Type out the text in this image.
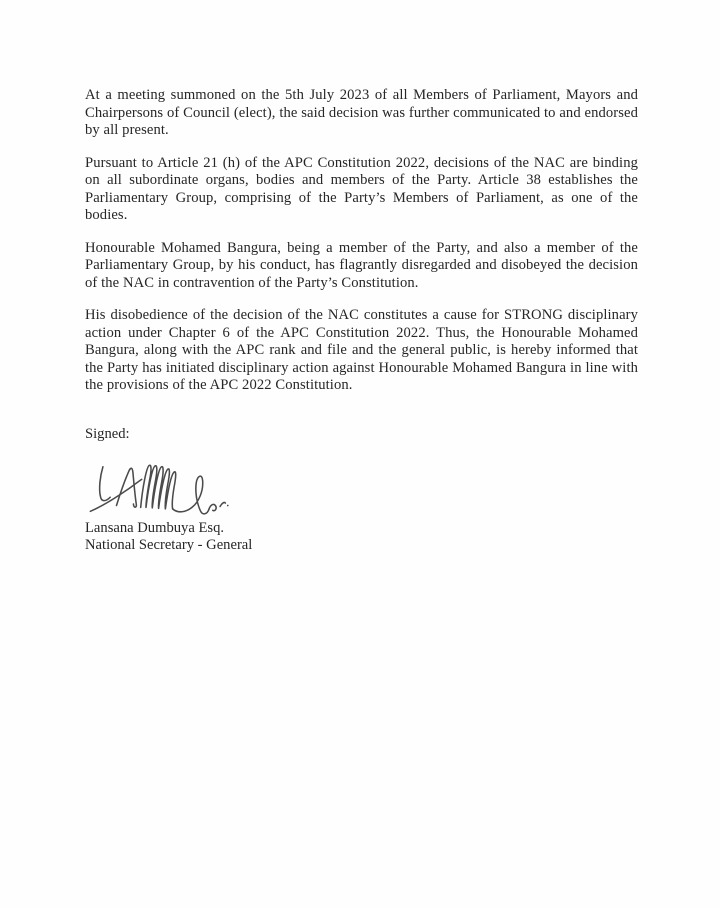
At a meeting summoned on the 5th July 2023 of all Members of Parliament, Mayors and Chairpersons of Council (elect), the said decision was further communicated to and endorsed by all present.

Pursuant to Article 21 (h) of the APC Constitution 2022, decisions of the NAC are binding on all subordinate organs, bodies and members of the Party. Article 38 establishes the Parliamentary Group, comprising of the Party’s Members of Parliament, as one of the bodies.

Honourable Mohamed Bangura, being a member of the Party, and also a member of the Parliamentary Group, by his conduct, has flagrantly disregarded and disobeyed the decision of the NAC in contravention of the Party’s Constitution.

His disobedience of the decision of the NAC constitutes a cause for STRONG disciplinary action under Chapter 6 of the APC Constitution 2022. Thus, the Honourable Mohamed Bangura, along with the APC rank and file and the general public, is hereby informed that the Party has initiated disciplinary action against Honourable Mohamed Bangura in line with the provisions of the APC 2022 Constitution.

Signed:
Lansana Dumbuya Esq.
National Secretary - General
